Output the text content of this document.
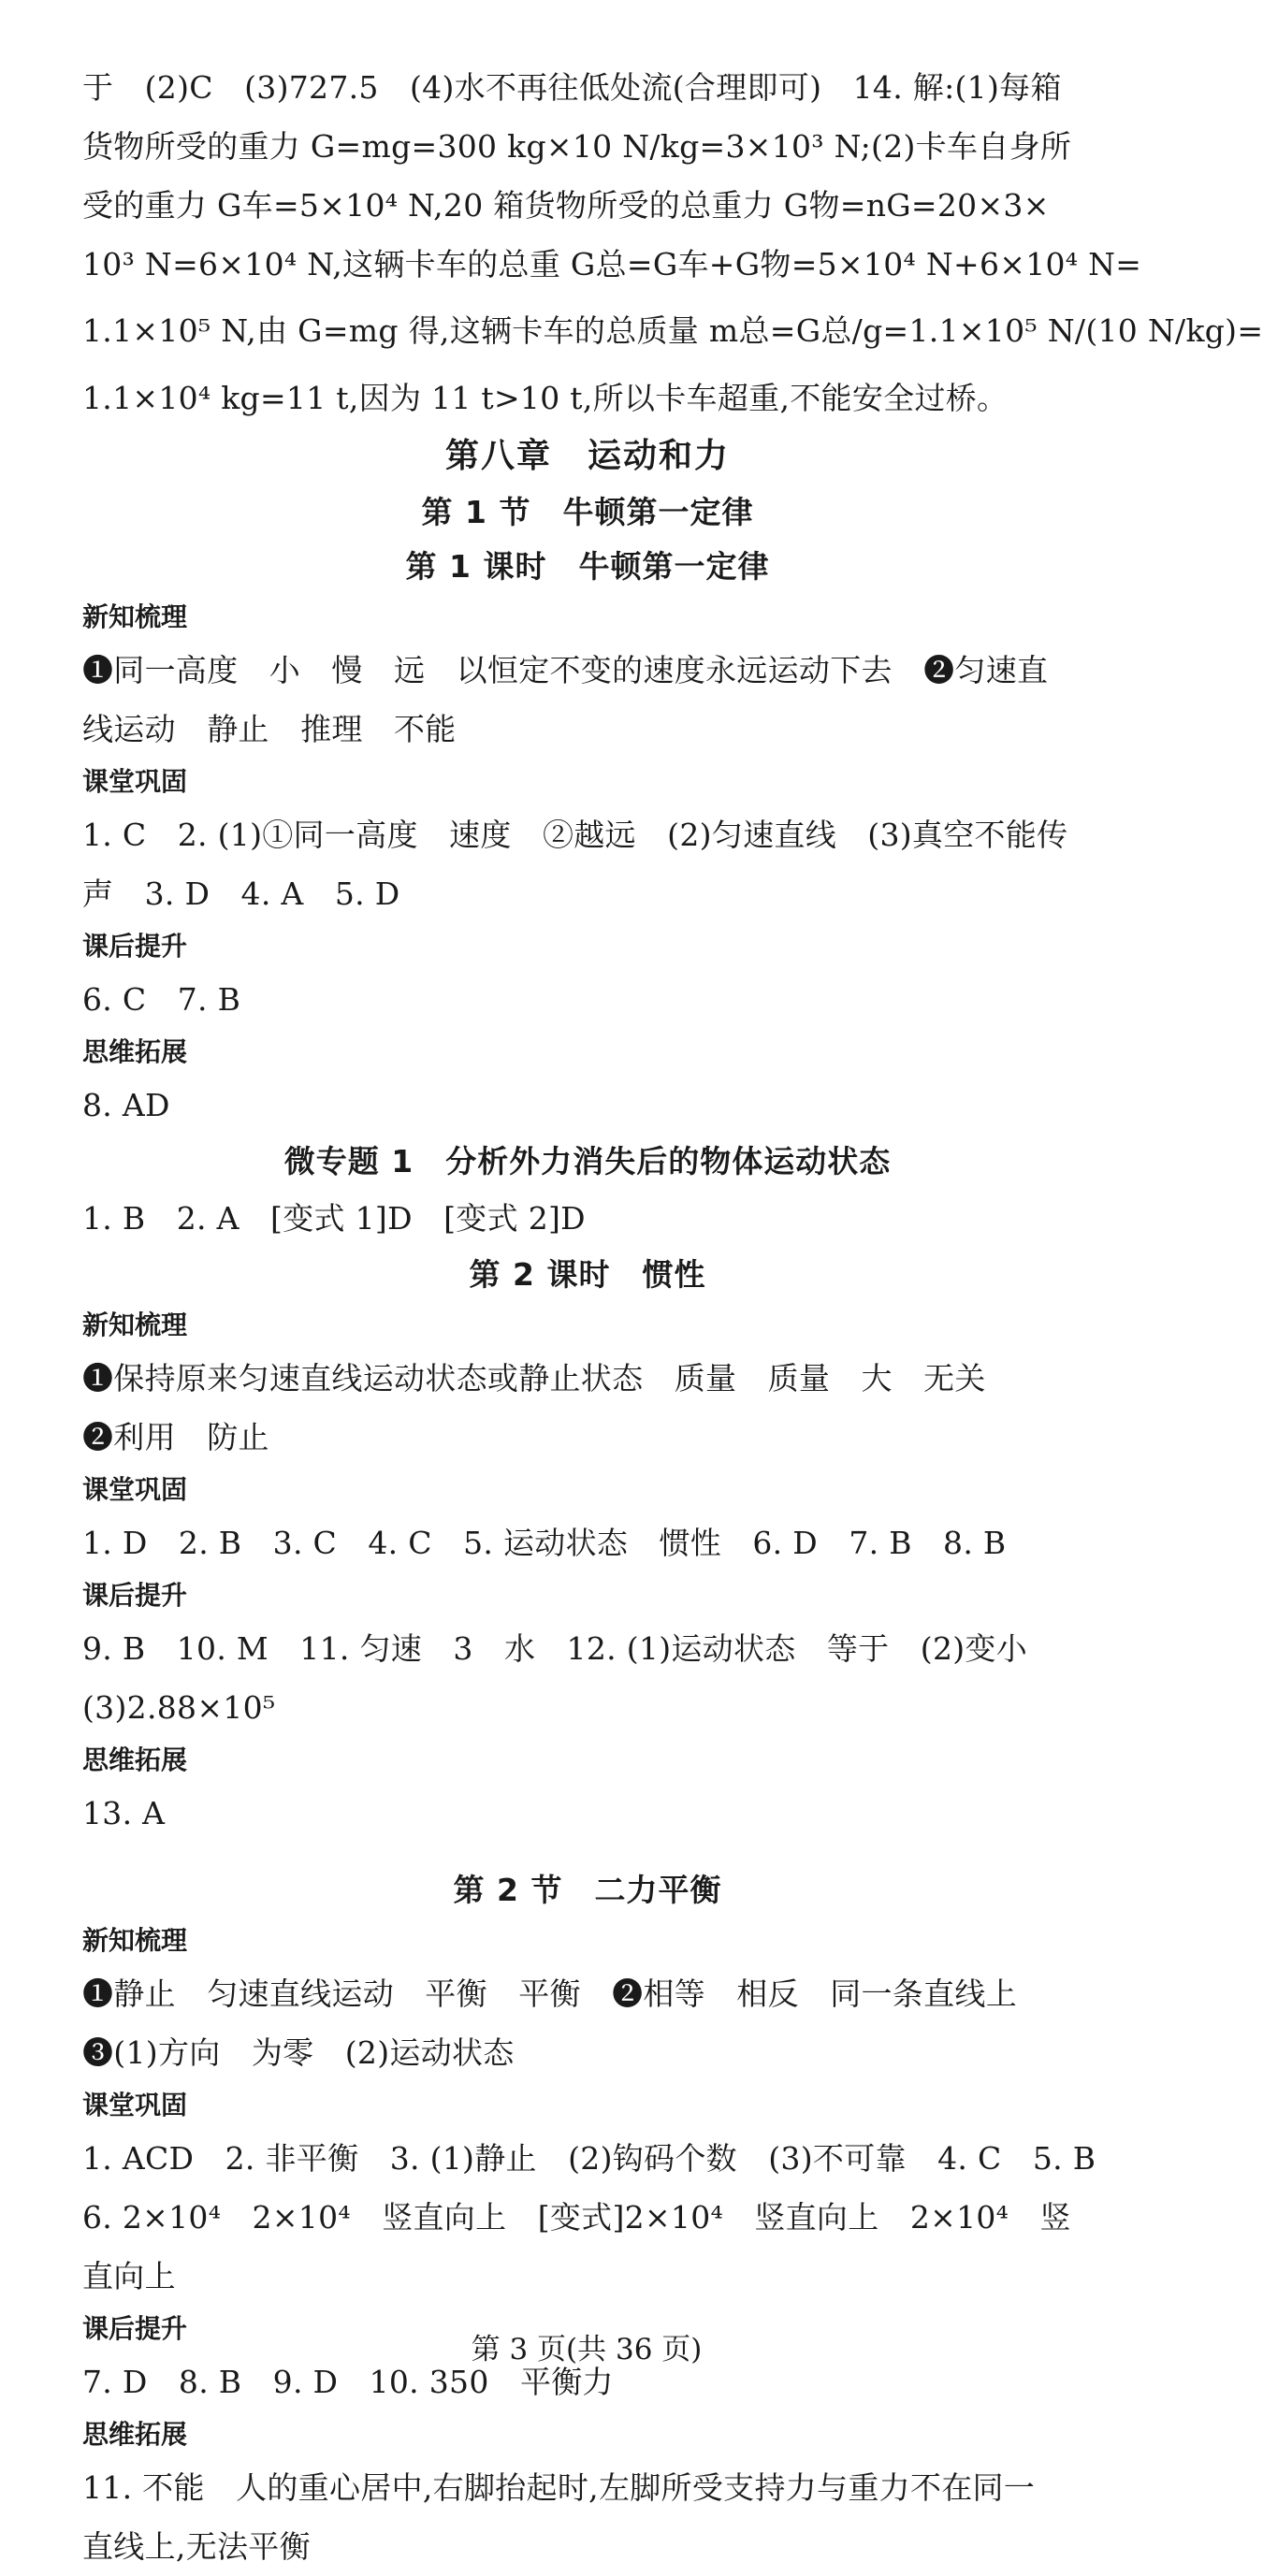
于　(2)C　(3)727.5　(4)水不再往低处流(合理即可)　14. 解:(1)每箱
货物所受的重力 G=mg=300 kg×10 N/kg=3×10³ N;(2)卡车自身所
受的重力 G车=5×10⁴ N,20 箱货物所受的总重力 G物=nG=20×3×
10³ N=6×10⁴ N,这辆卡车的总重 G总=G车+G物=5×10⁴ N+6×10⁴ N=
1.1×10⁵ N,由 G=mg 得,这辆卡车的总质量 m总=G总/g=1.1×10⁵ N/(10 N/kg)=
1.1×10⁴ kg=11 t,因为 11 t>10 t,所以卡车超重,不能安全过桥。
第八章　运动和力
第 1 节　牛顿第一定律
第 1 课时　牛顿第一定律
新知梳理
❶同一高度　小　慢　远　以恒定不变的速度永远运动下去　❷匀速直
线运动　静止　推理　不能
课堂巩固
1. C　2. (1)①同一高度　速度　②越远　(2)匀速直线　(3)真空不能传
声　3. D　4. A　5. D
课后提升
6. C　7. B
思维拓展
8. AD
微专题 1　分析外力消失后的物体运动状态
1. B　2. A　[变式 1]D　[变式 2]D
第 2 课时　惯性
新知梳理
❶保持原来匀速直线运动状态或静止状态　质量　质量　大　无关
❷利用　防止
课堂巩固
1. D　2. B　3. C　4. C　5. 运动状态　惯性　6. D　7. B　8. B
课后提升
9. B　10. M　11. 匀速　3　水　12. (1)运动状态　等于　(2)变小
(3)2.88×10⁵
思维拓展
13. A
第 2 节　二力平衡
新知梳理
❶静止　匀速直线运动　平衡　平衡　❷相等　相反　同一条直线上
❸(1)方向　为零　(2)运动状态
课堂巩固
1. ACD　2. 非平衡　3. (1)静止　(2)钩码个数　(3)不可靠　4. C　5. B
6. 2×10⁴　2×10⁴　竖直向上　[变式]2×10⁴　竖直向上　2×10⁴　竖
直向上
课后提升
7. D　8. B　9. D　10. 350　平衡力
思维拓展
11. 不能　人的重心居中,右脚抬起时,左脚所受支持力与重力不在同一
直线上,无法平衡
第 3 页(共 36 页)
